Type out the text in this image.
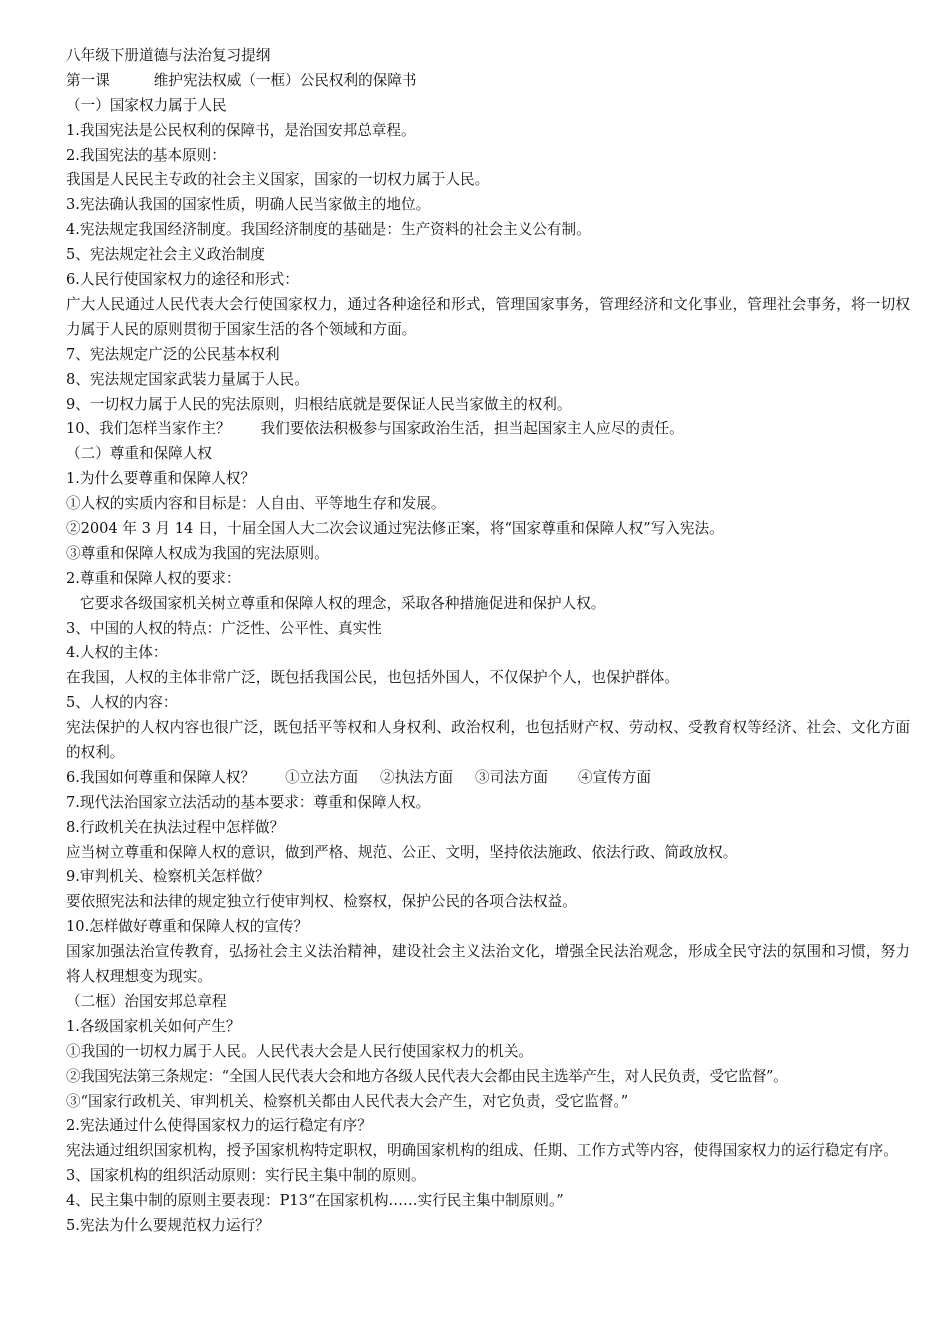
八年级下册道德与法治复习提纲
第一课	维护宪法权威（一框）公民权利的保障书
（一）国家权力属于人民
1.我国宪法是公民权利的保障书，是治国安邦总章程。
2.我国宪法的基本原则：
我国是人民民主专政的社会主义国家，国家的一切权力属于人民。
3.宪法确认我国的国家性质，明确人民当家做主的地位。
4.宪法规定我国经济制度。我国经济制度的基础是：生产资料的社会主义公有制。
5、宪法规定社会主义政治制度
6.人民行使国家权力的途径和形式：
广大人民通过人民代表大会行使国家权力，通过各种途径和形式，管理国家事务，管理经济和文化事业，管理社会事务，将一切权力属于人民的原则贯彻于国家生活的各个领域和方面。
7、宪法规定广泛的公民基本权利
8、宪法规定国家武装力量属于人民。
9、一切权力属于人民的宪法原则，归根结底就是要保证人民当家做主的权利。
10、我们怎样当家作主？ 我们要依法积极参与国家政治生活，担当起国家主人应尽的责任。
（二）尊重和保障人权
1.为什么要尊重和保障人权？
①人权的实质内容和目标是：人自由、平等地生存和发展。
②2004 年 3 月 14 日，十届全国人大二次会议通过宪法修正案，将“国家尊重和保障人权”写入宪法。
③尊重和保障人权成为我国的宪法原则。
2.尊重和保障人权的要求：
它要求各级国家机关树立尊重和保障人权的理念，采取各种措施促进和保护人权。
3、中国的人权的特点：广泛性、公平性、真实性
4.人权的主体：
在我国，人权的主体非常广泛，既包括我国公民，也包括外国人，不仅保护个人，也保护群体。
5、人权的内容：
宪法保护的人权内容也很广泛，既包括平等权和人身权利、政治权利，也包括财产权、劳动权、受教育权等经济、社会、文化方面的权利。
6.我国如何尊重和保障人权？ ①立法方面 ②执法方面 ③司法方面 ④宣传方面
7.现代法治国家立法活动的基本要求：尊重和保障人权。
8.行政机关在执法过程中怎样做？
应当树立尊重和保障人权的意识，做到严格、规范、公正、文明，坚持依法施政、依法行政、简政放权。
9.审判机关、检察机关怎样做？
要依照宪法和法律的规定独立行使审判权、检察权，保护公民的各项合法权益。
10.怎样做好尊重和保障人权的宣传？
国家加强法治宣传教育，弘扬社会主义法治精神，建设社会主义法治文化，增强全民法治观念，形成全民守法的氛围和习惯，努力将人权理想变为现实。
（二框）治国安邦总章程
1.各级国家机关如何产生？
①我国的一切权力属于人民。人民代表大会是人民行使国家权力的机关。
②我国宪法第三条规定：“全国人民代表大会和地方各级人民代表大会都由民主选举产生，对人民负责，受它监督”。
③“国家行政机关、审判机关、检察机关都由人民代表大会产生，对它负责，受它监督。”
2.宪法通过什么使得国家权力的运行稳定有序？
宪法通过组织国家机构，授予国家机构特定职权，明确国家机构的组成、任期、工作方式等内容，使得国家权力的运行稳定有序。
3、国家机构的组织活动原则：实行民主集中制的原则。
4、民主集中制的原则主要表现：P13“在国家机构……实行民主集中制原则。”
5.宪法为什么要规范权力运行？
